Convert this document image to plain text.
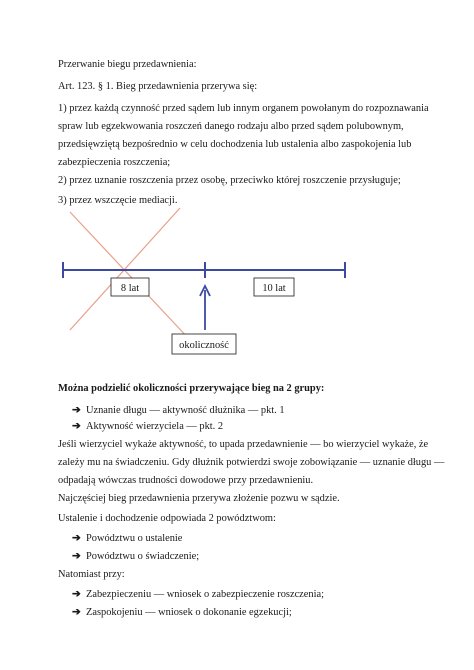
Przerwanie biegu przedawnienia:
Art. 123. § 1. Bieg przedawnienia przerywa się:
1) przez każdą czynność przed sądem lub innym organem powołanym do rozpoznawania
spraw lub egzekwowania roszczeń danego rodzaju albo przed sądem polubownym,
przedsięwziętą bezpośrednio w celu dochodzenia lub ustalenia albo zaspokojenia lub
zabezpieczenia roszczenia;
2) przez uznanie roszczenia przez osobę, przeciwko której roszczenie przysługuje;
3) przez wszczęcie mediacji.
8 lat	10 lat
okoliczność
Można podzielić okoliczności przerywające bieg na 2 grupy:
➔ Uznanie długu — aktywność dłużnika — pkt. 1
➔ Aktywność wierzyciela — pkt. 2
Jeśli wierzyciel wykaże aktywność, to upada przedawnienie — bo wierzyciel wykaże, że
zależy mu na świadczeniu. Gdy dłużnik potwierdzi swoje zobowiązanie — uznanie długu —
odpadają wówczas trudności dowodowe przy przedawnieniu.
Najczęściej bieg przedawnienia przerywa złożenie pozwu w sądzie.
Ustalenie i dochodzenie odpowiada 2 powództwom:
➔ Powództwu o ustalenie
➔ Powództwu o świadczenie;
Natomiast przy:
➔ Zabezpieczeniu — wniosek o zabezpieczenie roszczenia;
➔ Zaspokojeniu — wniosek o dokonanie egzekucji;
